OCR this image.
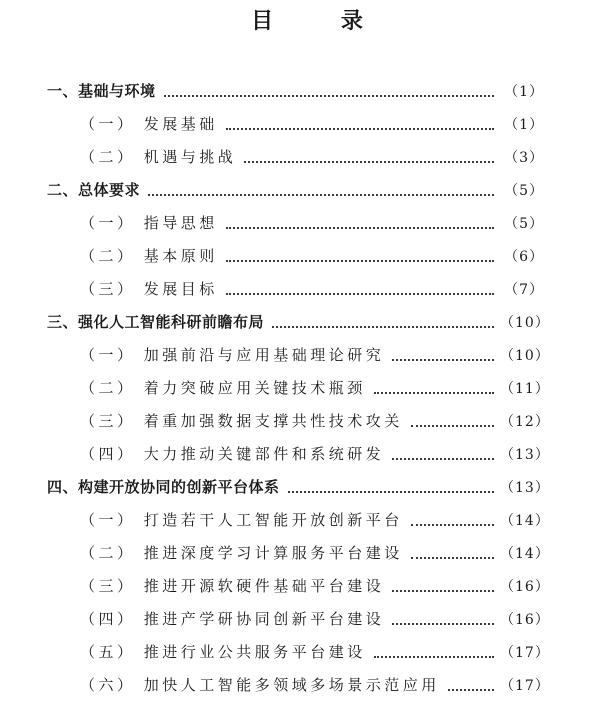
目 录
一、基础与环境	（1）
（一） 发展基础	（1）
（二） 机遇与挑战	（3）
二、总体要求	（5）
（一） 指导思想	（5）
（二） 基本原则	（6）
（三） 发展目标	（7）
三、强化人工智能科研前瞻布局	（10）
（一） 加强前沿与应用基础理论研究	（10）
（二） 着力突破应用关键技术瓶颈	（11）
（三） 着重加强数据支撑共性技术攻关	（12）
（四） 大力推动关键部件和系统研发	（13）
四、构建开放协同的创新平台体系	（13）
（一） 打造若干人工智能开放创新平台	（14）
（二） 推进深度学习计算服务平台建设	（14）
（三） 推进开源软硬件基础平台建设	（16）
（四） 推进产学研协同创新平台建设	（16）
（五） 推进行业公共服务平台建设	（17）
（六） 加快人工智能多领域多场景示范应用	（17）
